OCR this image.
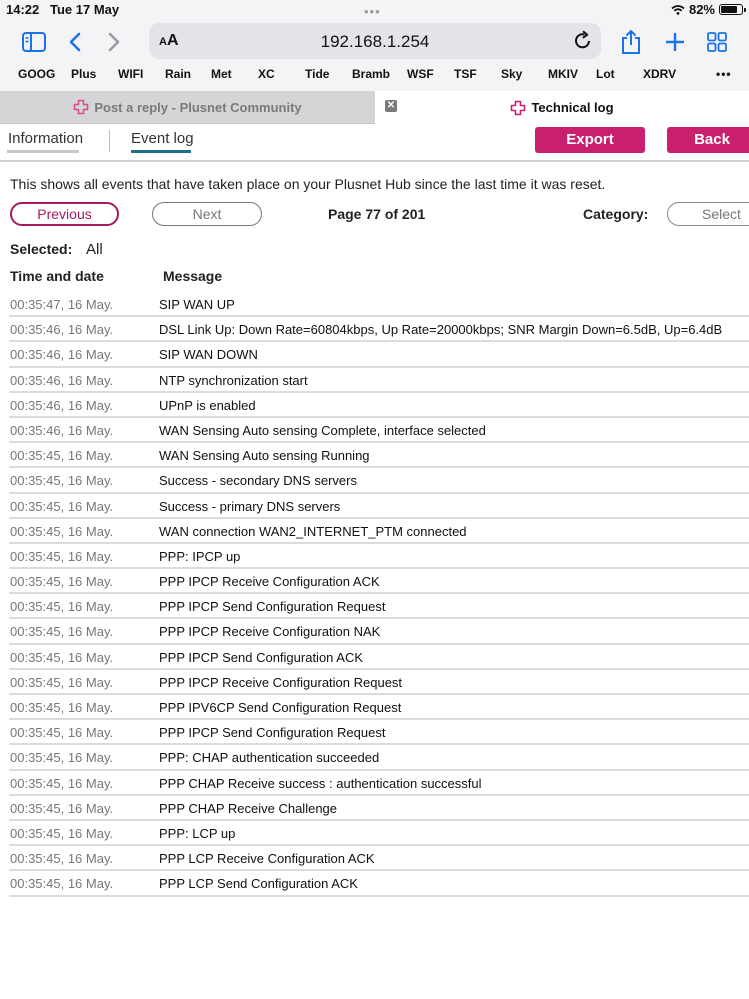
14:22 Tue 17 May	•••	82%
AA	192.168.1.254
GOOG Plus WIFI Rain Met XC	Tide Bramb WSF TSF Sky MKIV Lot XDRV	•••
Post a reply - Plusnet Community	Technical log
✕
Information	Event log	Export	Back
This shows all events that have taken place on your Plusnet Hub since the last time it was reset.
Previous	Next	Page 77 of 201	Category:	Select
Selected: All
Time and date	Message
00:35:47, 16 May.	SIP WAN UP
00:35:46, 16 May.	DSL Link Up: Down Rate=60804kbps, Up Rate=20000kbps; SNR Margin Down=6.5dB, Up=6.4dB
00:35:46, 16 May.	SIP WAN DOWN
00:35:46, 16 May.	NTP synchronization start
00:35:46, 16 May.	UPnP is enabled
00:35:46, 16 May.	WAN Sensing Auto sensing Complete, interface selected
00:35:45, 16 May.	WAN Sensing Auto sensing Running
00:35:45, 16 May.	Success - secondary DNS servers
00:35:45, 16 May.	Success - primary DNS servers
00:35:45, 16 May.	WAN connection WAN2_INTERNET_PTM connected
00:35:45, 16 May.	PPP: IPCP up
00:35:45, 16 May.	PPP IPCP Receive Configuration ACK
00:35:45, 16 May.	PPP IPCP Send Configuration Request
00:35:45, 16 May.	PPP IPCP Receive Configuration NAK
00:35:45, 16 May.	PPP IPCP Send Configuration ACK
00:35:45, 16 May.	PPP IPCP Receive Configuration Request
00:35:45, 16 May.	PPP IPV6CP Send Configuration Request
00:35:45, 16 May.	PPP IPCP Send Configuration Request
00:35:45, 16 May.	PPP: CHAP authentication succeeded
00:35:45, 16 May.	PPP CHAP Receive success : authentication successful
00:35:45, 16 May.	PPP CHAP Receive Challenge
00:35:45, 16 May.	PPP: LCP up
00:35:45, 16 May.	PPP LCP Receive Configuration ACK
00:35:45, 16 May.	PPP LCP Send Configuration ACK
